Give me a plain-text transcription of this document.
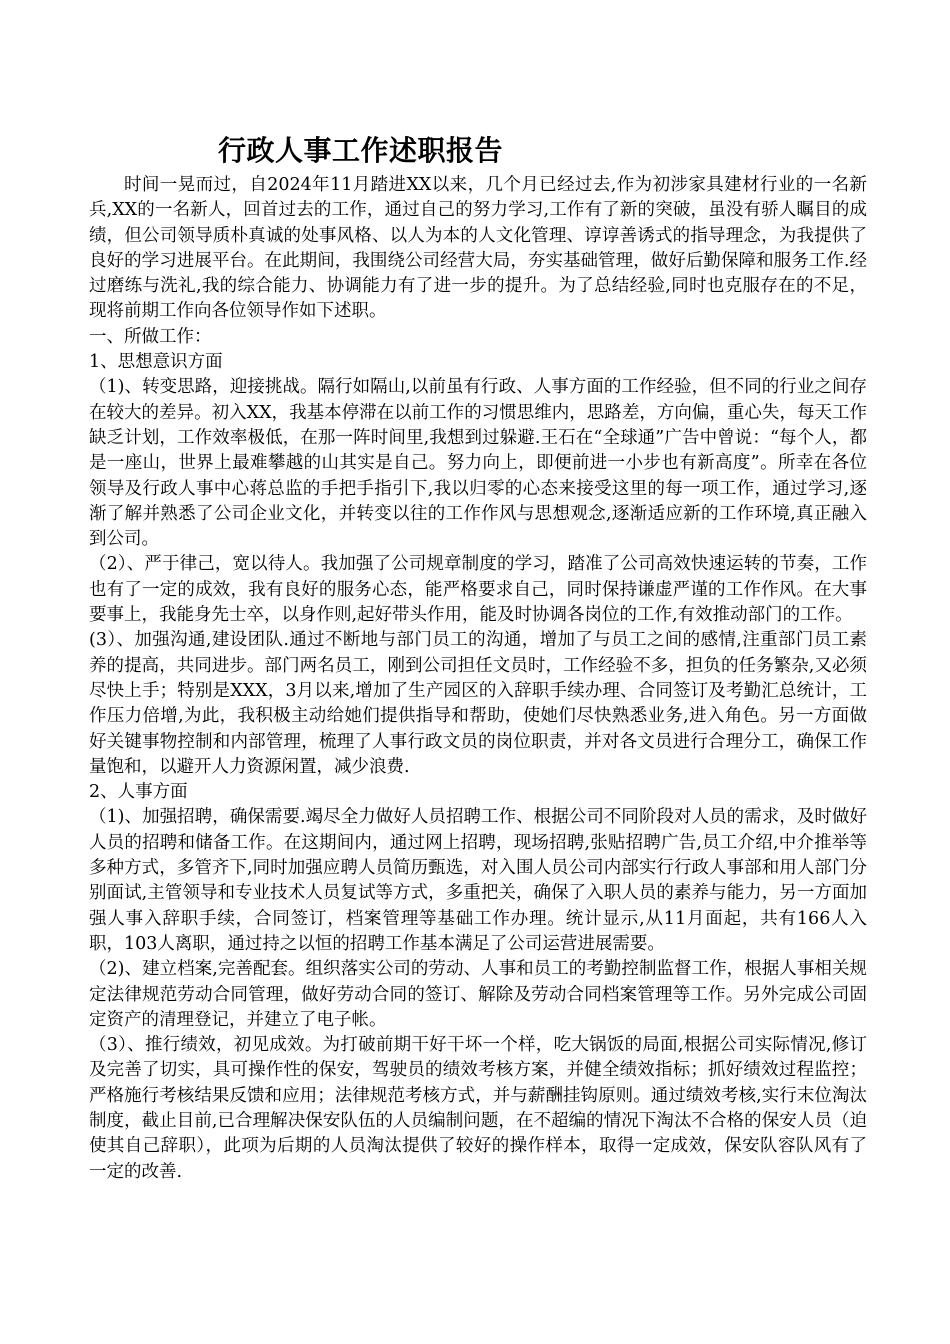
行政人事工作述职报告

时间一晃而过，自2024年11月踏进XX以来，几个月已经过去,作为初涉家具建材行业的一名新兵,XX的一名新人，回首过去的工作，通过自己的努力学习,工作有了新的突破，虽没有骄人瞩目的成绩，但公司领导质朴真诚的处事风格、以人为本的人文化管理、谆谆善诱式的指导理念，为我提供了良好的学习进展平台。在此期间，我围绕公司经营大局，夯实基础管理，做好后勤保障和服务工作.经过磨练与洗礼,我的综合能力、协调能力有了进一步的提升。为了总结经验,同时也克服存在的不足，现将前期工作向各位领导作如下述职。

一、所做工作：

1、思想意识方面

（1)、转变思路，迎接挑战。隔行如隔山,以前虽有行政、人事方面的工作经验，但不同的行业之间存在较大的差异。初入XX，我基本停滞在以前工作的习惯思维内，思路差，方向偏，重心失，每天工作缺乏计划，工作效率极低，在那一阵时间里,我想到过躲避.王石在“全球通”广告中曾说：“每个人，都是一座山，世界上最难攀越的山其实是自己。努力向上，即便前进一小步也有新高度”。所幸在各位领导及行政人事中心蒋总监的手把手指引下,我以归零的心态来接受这里的每一项工作，通过学习,逐渐了解并熟悉了公司企业文化，并转变以往的工作作风与思想观念,逐渐适应新的工作环境,真正融入到公司。

（2）、严于律己，宽以待人。我加强了公司规章制度的学习，踏准了公司高效快速运转的节奏，工作也有了一定的成效，我有良好的服务心态，能严格要求自己，同时保持谦虚严谨的工作作风。在大事要事上，我能身先士卒，以身作则,起好带头作用，能及时协调各岗位的工作,有效推动部门的工作。

(3）、加强沟通,建设团队.通过不断地与部门员工的沟通，增加了与员工之间的感情,注重部门员工素养的提高，共同进步。部门两名员工，刚到公司担任文员时，工作经验不多，担负的任务繁杂,又必须尽快上手；特别是XXX，3月以来,增加了生产园区的入辞职手续办理、合同签订及考勤汇总统计，工作压力倍增,为此，我积极主动给她们提供指导和帮助，使她们尽快熟悉业务,进入角色。另一方面做好关键事物控制和内部管理，梳理了人事行政文员的岗位职责，并对各文员进行合理分工，确保工作量饱和，以避开人力资源闲置，减少浪费.

2、人事方面

（1)、加强招聘，确保需要.竭尽全力做好人员招聘工作、根据公司不同阶段对人员的需求，及时做好人员的招聘和储备工作。在这期间内，通过网上招聘，现场招聘,张贴招聘广告,员工介绍,中介推举等多种方式，多管齐下,同时加强应聘人员简历甄选，对入围人员公司内部实行行政人事部和用人部门分别面试,主管领导和专业技术人员复试等方式，多重把关，确保了入职人员的素养与能力，另一方面加强人事入辞职手续，合同签订，档案管理等基础工作办理。统计显示,从11月面起，共有166人入职，103人离职，通过持之以恒的招聘工作基本满足了公司运营进展需要。

（2)、建立档案,完善配套。组织落实公司的劳动、人事和员工的考勤控制监督工作，根据人事相关规定法律规范劳动合同管理，做好劳动合同的签订、解除及劳动合同档案管理等工作。另外完成公司固定资产的清理登记，并建立了电子帐。

（3）、推行绩效，初见成效。为打破前期干好干坏一个样，吃大锅饭的局面,根据公司实际情况,修订及完善了切实，具可操作性的保安，驾驶员的绩效考核方案，并健全绩效指标；抓好绩效过程监控；严格施行考核结果反馈和应用；法律规范考核方式，并与薪酬挂钩原则。通过绩效考核,实行末位淘汰制度，截止目前,已合理解决保安队伍的人员编制问题，在不超编的情况下淘汰不合格的保安人员（迫使其自己辞职），此项为后期的人员淘汰提供了较好的操作样本，取得一定成效，保安队容队风有了一定的改善.
